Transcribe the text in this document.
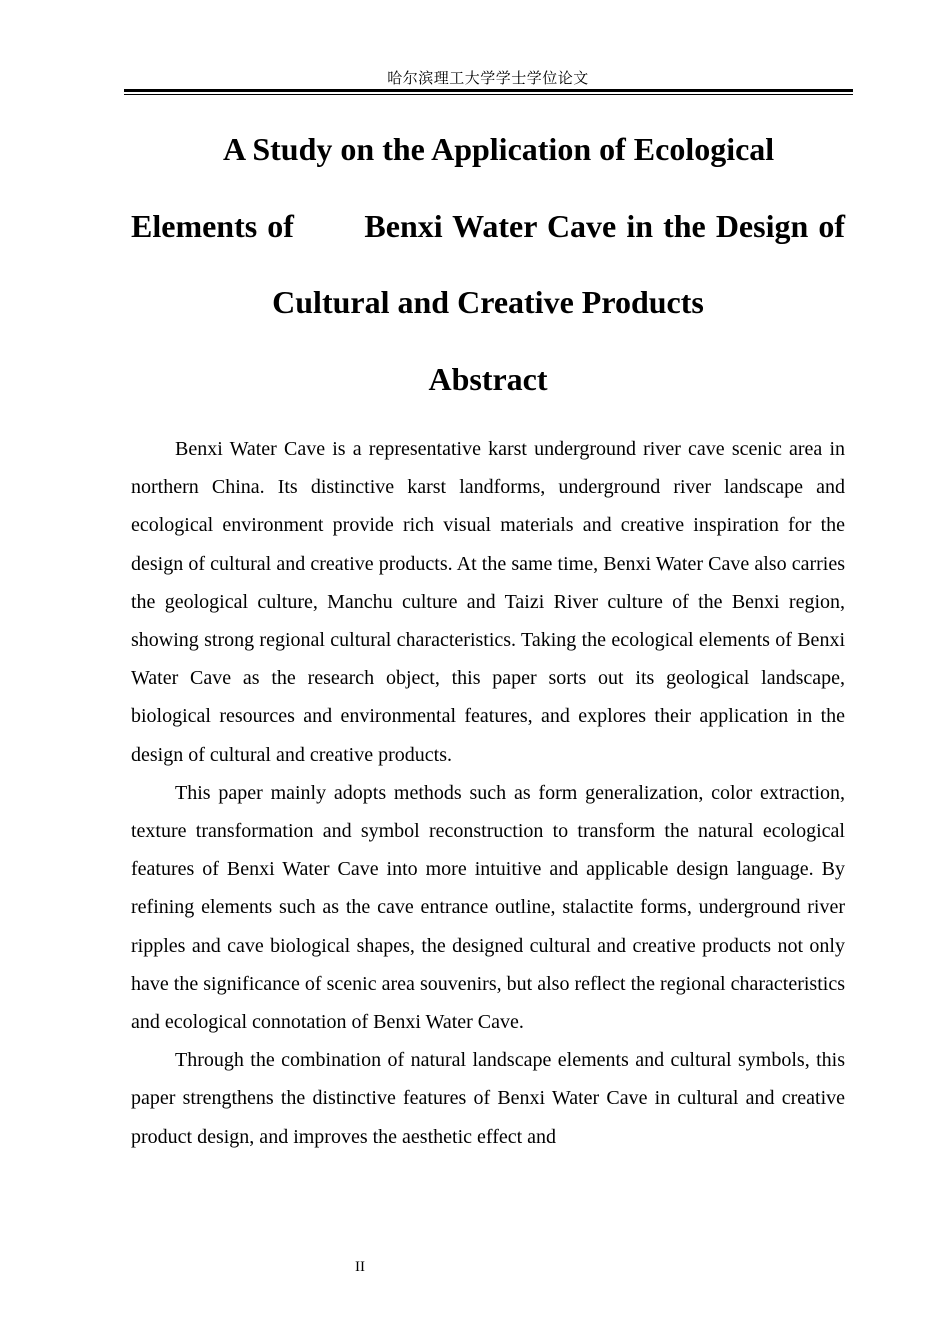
哈尔滨理工大学学士学位论文
A Study on the Application of Ecological
Elements of       Benxi Water Cave in the Design of
Cultural and Creative Products
Abstract

Benxi Water Cave is a representative karst underground river cave scenic area in northern China. Its distinctive karst landforms, underground river landscape and ecological environment provide rich visual materials and creative inspiration for the design of cultural and creative products. At the same time, Benxi Water Cave also carries the geological culture, Manchu culture and Taizi River culture of the Benxi region, showing strong regional cultural characteristics. Taking the ecological elements of Benxi Water Cave as the research object, this paper sorts out its geological landscape, biological resources and environmental features, and explores their application in the design of cultural and creative products.

This paper mainly adopts methods such as form generalization, color extraction, texture transformation and symbol reconstruction to transform the natural ecological features of Benxi Water Cave into more intuitive and applicable design language. By refining elements such as the cave entrance outline, stalactite forms, underground river ripples and cave biological shapes, the designed cultural and creative products not only have the significance of scenic area souvenirs, but also reflect the regional characteristics and ecological connotation of Benxi Water Cave.

Through the combination of natural landscape elements and cultural symbols, this paper strengthens the distinctive features of Benxi Water Cave in cultural and creative product design, and improves the aesthetic effect and

II
